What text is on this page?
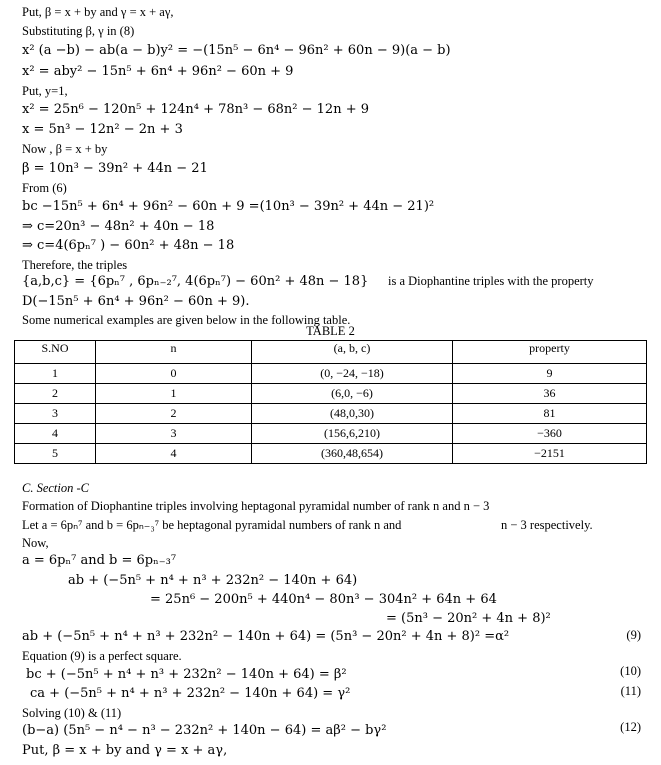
Put, β = x + by and γ = x + aγ,
Substituting β, γ in (8)
x² (a −b) − ab(a − b)y² = −(15n⁵ − 6n⁴ − 96n² + 60n − 9)(a − b)
x² = aby² − 15n⁵ + 6n⁴ + 96n² − 60n + 9
Put, y=1,
x² = 25n⁶ − 120n⁵ + 124n⁴ + 78n³ − 68n² − 12n + 9
x = 5n³ − 12n² − 2n + 3
Now , β = x + by
β = 10n³ − 39n² + 44n − 21
From (6)
bc −15n⁵ + 6n⁴ + 96n² − 60n + 9 =(10n³ − 39n² + 44n − 21)²
⇒ c=20n³ − 48n² + 40n − 18
⇒ c=4(6pₙ⁷ ) − 60n² + 48n − 18
Therefore, the triples
{a,b,c} = {6pₙ⁷ , 6pₙ₋₂⁷, 4(6pₙ⁷) − 60n² + 48n − 18} is a Diophantine triples with the property
D(−15n⁵ + 6n⁴ + 96n² − 60n + 9).
Some numerical examples are given below in the following table.
TABLE 2
S.NO	n	(a, b, c)	property
1	0	(0, −24, −18)	9
2	1	(6,0, −6)	36
3	2	(48,0,30)	81
4	3	(156,6,210)	−360
5	4	(360,48,654)	−2151
C. Section -C
Formation of Diophantine triples involving heptagonal pyramidal number of rank n and n − 3
Let a = 6pₙ⁷ and b = 6pₙ₋₃⁷ be heptagonal pyramidal numbers of rank n and	n − 3 respectively.
Now,
a = 6pₙ⁷ and b = 6pₙ₋₃⁷
ab + (−5n⁵ + n⁴ + n³ + 232n² − 140n + 64)
= 25n⁶ − 200n⁵ + 440n⁴ − 80n³ − 304n² + 64n + 64
= (5n³ − 20n² + 4n + 8)²
ab + (−5n⁵ + n⁴ + n³ + 232n² − 140n + 64) = (5n³ − 20n² + 4n + 8)² =α²	(9)
Equation (9) is a perfect square.
bc + (−5n⁵ + n⁴ + n³ + 232n² − 140n + 64) = β²	(10)
ca + (−5n⁵ + n⁴ + n³ + 232n² − 140n + 64) = γ²	(11)
Solving (10) & (11)
(b−a) (5n⁵ − n⁴ − n³ − 232n² + 140n − 64) = aβ² − bγ²	(12)
Put, β = x + by and γ = x + aγ,
